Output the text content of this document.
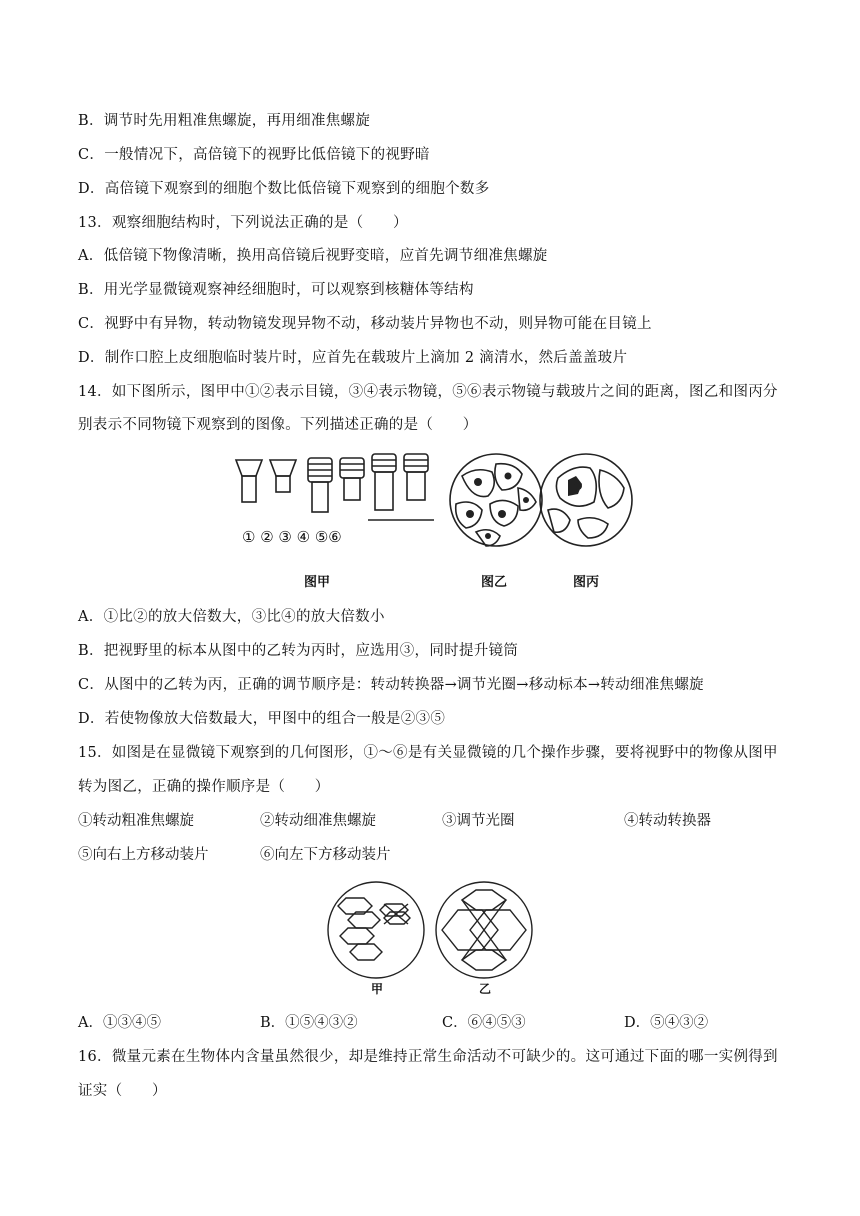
B．调节时先用粗准焦螺旋，再用细准焦螺旋
C．一般情况下，高倍镜下的视野比低倍镜下的视野暗
D．高倍镜下观察到的细胞个数比低倍镜下观察到的细胞个数多
13．观察细胞结构时，下列说法正确的是（　　）
A．低倍镜下物像清晰，换用高倍镜后视野变暗，应首先调节细准焦螺旋
B．用光学显微镜观察神经细胞时，可以观察到核糖体等结构
C．视野中有异物，转动物镜发现异物不动，移动装片异物也不动，则异物可能在目镜上
D．制作口腔上皮细胞临时装片时，应首先在载玻片上滴加 2 滴清水，然后盖盖玻片
14．如下图所示，图甲中①②表示目镜，③④表示物镜，⑤⑥表示物镜与载玻片之间的距离，图乙和图丙分
别表示不同物镜下观察到的图像。下列描述正确的是（　　）
① ② ③ ④ ⑤⑥
图甲	图乙	图丙
A．①比②的放大倍数大，③比④的放大倍数小
B．把视野里的标本从图中的乙转为丙时，应选用③，同时提升镜筒
C．从图中的乙转为丙，正确的调节顺序是：转动转换器→调节光圈→移动标本→转动细准焦螺旋
D．若使物像放大倍数最大，甲图中的组合一般是②③⑤
15．如图是在显微镜下观察到的几何图形，①～⑥是有关显微镜的几个操作步骤，要将视野中的物像从图甲
转为图乙，正确的操作顺序是（　　）
①转动粗准焦螺旋	②转动细准焦螺旋	③调节光圈	④转动转换器
⑤向右上方移动装片	⑥向左下方移动装片
甲	乙
A．①③④⑤	B．①⑤④③②	C．⑥④⑤③	D．⑤④③②
16．微量元素在生物体内含量虽然很少，却是维持正常生命活动不可缺少的。这可通过下面的哪一实例得到
证实（　　）
